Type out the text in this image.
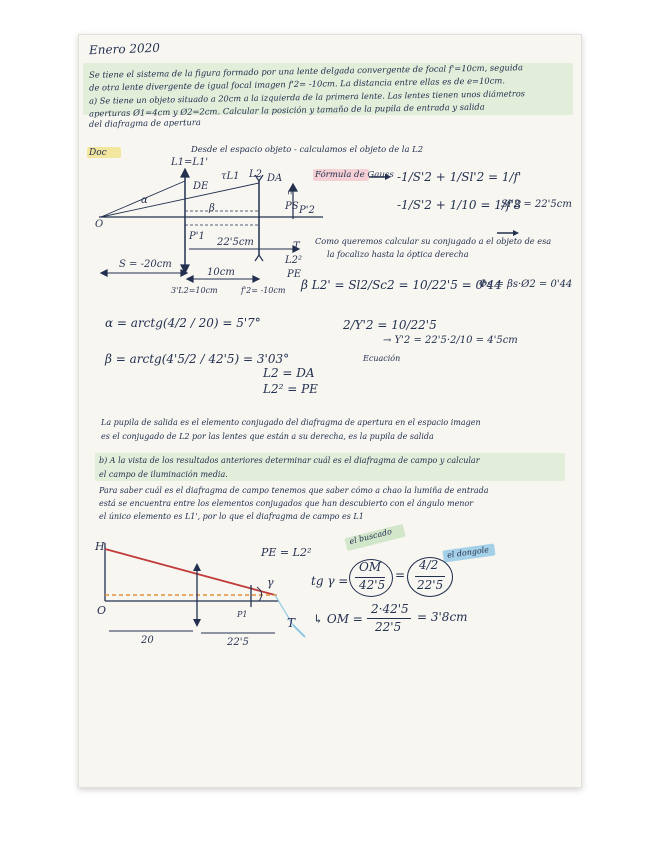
Enero 2020
Se tiene el sistema de la figura formado por una lente delgada convergente de focal f'=10cm, seguida
de otra lente divergente de igual focal imagen f'2= -10cm. La distancia entre ellas es de e=10cm.
a) Se tiene un objeto situado a 20cm a la izquierda de la primera lente. Las lentes tienen unos diámetros
aperturas Ø1=4cm y Ø2=2cm. Calcular la posición y tamaño de la pupila de entrada y salida
del diafragma de apertura
Doc	Desde el espacio objeto - calculamos el objeto de la L2
L1=L1'
DE
O
α
β
P'1
τL1 L2 DA
''
PS P'2
T
L2²
PE
S = -20cm
22'5cm
10cm
3'L2=10cm	f'2= -10cm
Fórmula de Gauss -1/S'2 + 1/Sl'2 = 1/f'
-1/S'2 + 1/10 = 1/f'8
Sl'2 = 22'5cm
Como queremos calcular su conjugado a el objeto de esa
la focalizo hasta la óptica derecha
β L2' = Sl2/Sc2 = 10/22'5 = 0'44
Φs = βs·Ø2 = 0'44
α = arctg(4/2 / 20) = 5'7°
β = arctg(4'5/2 / 42'5) = 3'03°
L2 = DA
L2² = PE
2/Y'2 = 10/22'5
→ Y'2 = 22'5·2/10 = 4'5cm
Ecuación
La pupila de salida es el elemento conjugado del diafragma de apertura en el espacio imagen
es el conjugado de L2 por las lentes que están a su derecha, es la pupila de salida
b) A la vista de los resultados anteriores determinar cuál es el diafragma de campo y calcular
el campo de iluminación media.
Para saber cuál es el diafragma de campo tenemos que saber cómo a chao la lumiña de entrada
está se encuentra entre los elementos conjugados que han descubierto con el ángulo menor
el único elemento es L1', por lo que el diafragma de campo es L1
H
O
PE = L2²
γ
P1
T
20	22'5
el buscado
el dongole
tg γ =
OM
42'5
=
4/2
22'5
↳ OM =
2·42'5
22'5
= 3'8cm
